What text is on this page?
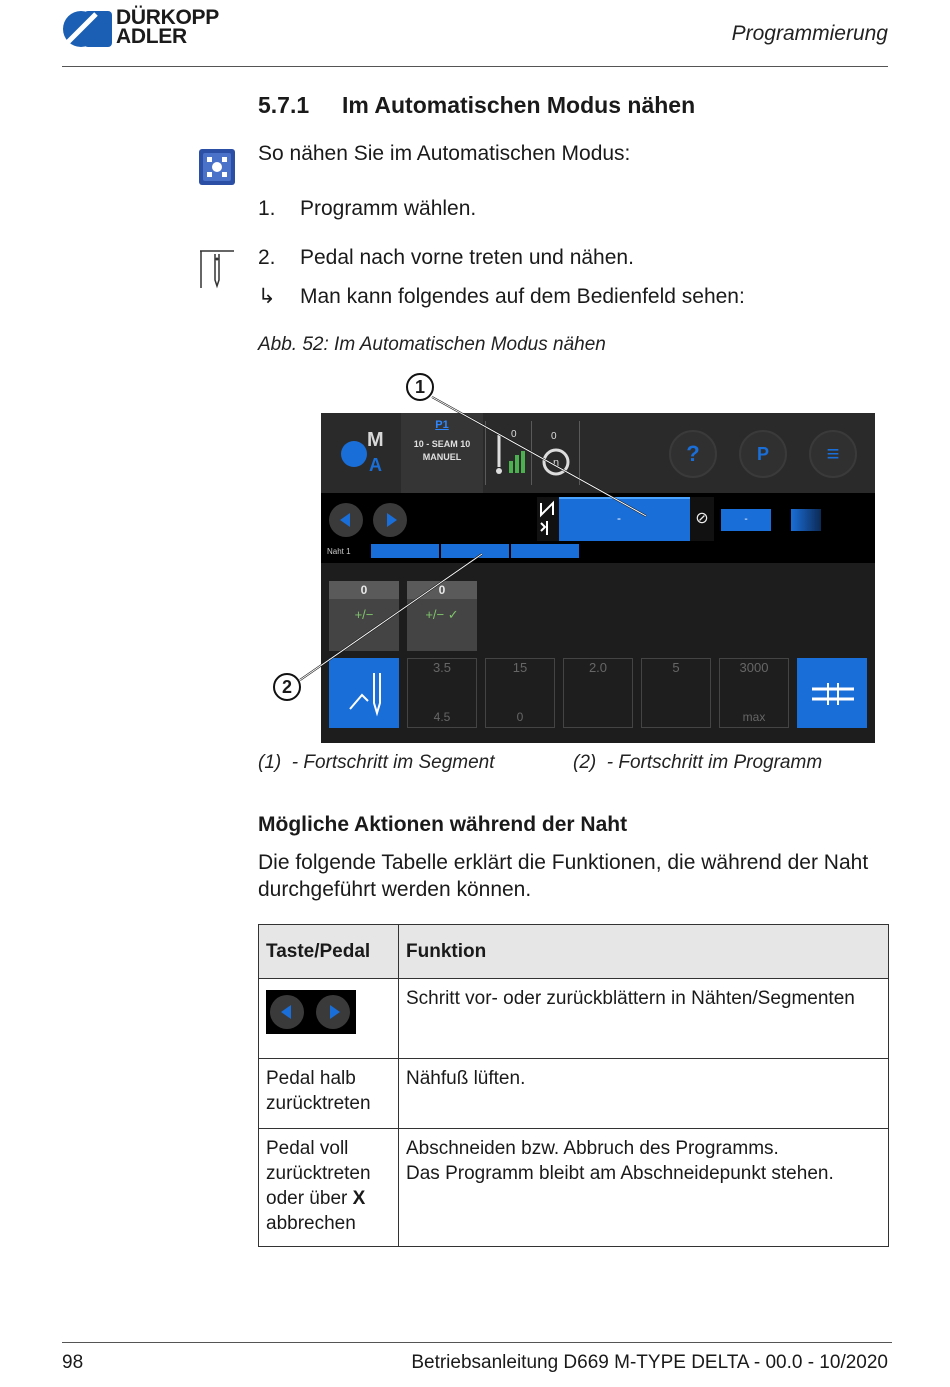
DÜRKOPP
ADLER	Programmierung
5.7.1 Im Automatischen Modus nähen
So nähen Sie im Automatischen Modus:
1. Programm wählen.
2. Pedal nach vorne treten und nähen.
↳ Man kann folgendes auf dem Bedienfeld sehen:
Abb. 52: Im Automatischen Modus nähen
M
A
P1
10 - SEAM 10
MANUEL
0	0
n	?	P	≡
-	⊘	-
Naht 1
0
+/−
0
+/− ✓
3.5
4.5
15
0
2.0	5	3000
max
1
2
(1) - Fortschritt im Segment	(2) - Fortschritt im Programm
Mögliche Aktionen während der Naht
Die folgende Tabelle erklärt die Funktionen, die während der Naht durchgeführt werden können.
Taste/Pedal	Funktion

	Schritt vor- oder zurückblättern in Nähten/Segmenten
Pedal halb zurücktreten	Nähfuß lüften.
Pedal voll zurücktreten oder über X abbrechen	Abschneiden bzw. Abbruch des Programms.
Das Programm bleibt am Abschneidepunkt stehen.
98	Betriebsanleitung D669 M-TYPE DELTA - 00.0 - 10/2020
